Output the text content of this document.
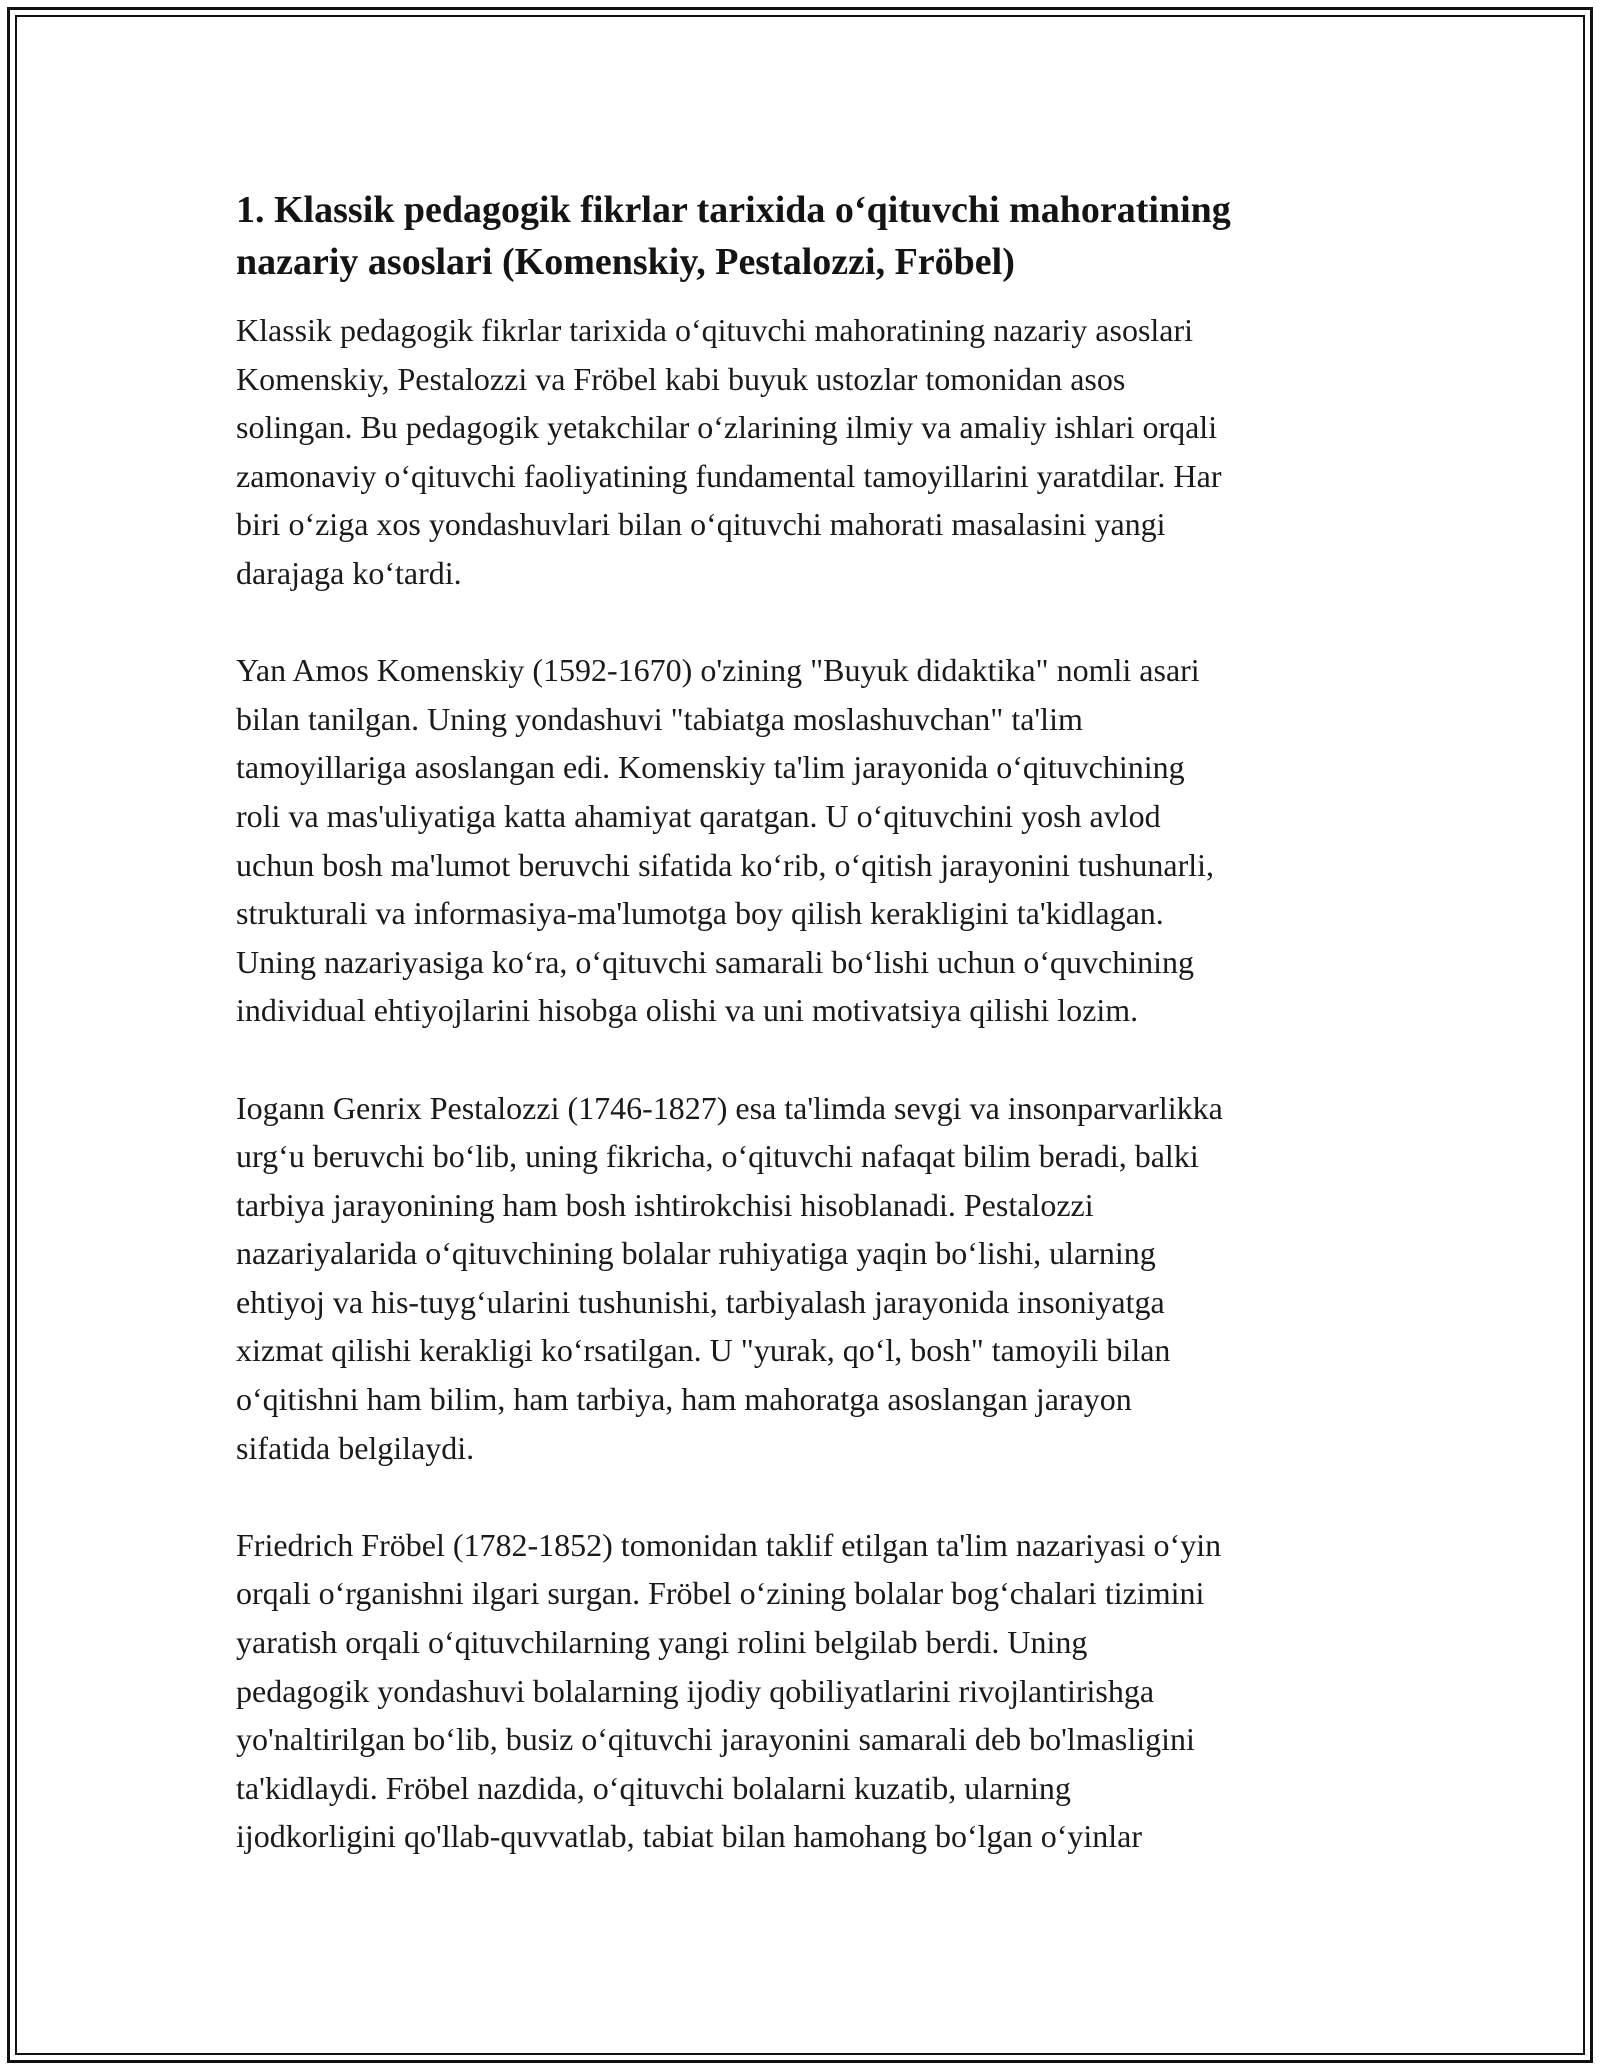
1. Klassik pedagogik fikrlar tarixida oʻqituvchi mahoratining
nazariy asoslari (Komenskiy, Pestalozzi, Fröbel)

Klassik pedagogik fikrlar tarixida oʻqituvchi mahoratining nazariy asoslari
Komenskiy, Pestalozzi va Fröbel kabi buyuk ustozlar tomonidan asos
solingan. Bu pedagogik yetakchilar oʻzlarining ilmiy va amaliy ishlari orqali
zamonaviy oʻqituvchi faoliyatining fundamental tamoyillarini yaratdilar. Har
biri oʻziga xos yondashuvlari bilan oʻqituvchi mahorati masalasini yangi
darajaga koʻtardi.

Yan Amos Komenskiy (1592-1670) o'zining "Buyuk didaktika" nomli asari
bilan tanilgan. Uning yondashuvi "tabiatga moslashuvchan" ta'lim
tamoyillariga asoslangan edi. Komenskiy ta'lim jarayonida oʻqituvchining
roli va mas'uliyatiga katta ahamiyat qaratgan. U oʻqituvchini yosh avlod
uchun bosh ma'lumot beruvchi sifatida koʻrib, oʻqitish jarayonini tushunarli,
strukturali va informasiya-ma'lumotga boy qilish kerakligini ta'kidlagan.
Uning nazariyasiga koʻra, oʻqituvchi samarali boʻlishi uchun oʻquvchining
individual ehtiyojlarini hisobga olishi va uni motivatsiya qilishi lozim.

Iogann Genrix Pestalozzi (1746-1827) esa ta'limda sevgi va insonparvarlikka
urgʻu beruvchi boʻlib, uning fikricha, oʻqituvchi nafaqat bilim beradi, balki
tarbiya jarayonining ham bosh ishtirokchisi hisoblanadi. Pestalozzi
nazariyalarida oʻqituvchining bolalar ruhiyatiga yaqin boʻlishi, ularning
ehtiyoj va his-tuygʻularini tushunishi, tarbiyalash jarayonida insoniyatga
xizmat qilishi kerakligi koʻrsatilgan. U "yurak, qoʻl, bosh" tamoyili bilan
oʻqitishni ham bilim, ham tarbiya, ham mahoratga asoslangan jarayon
sifatida belgilaydi.

Friedrich Fröbel (1782-1852) tomonidan taklif etilgan ta'lim nazariyasi oʻyin
orqali oʻrganishni ilgari surgan. Fröbel oʻzining bolalar bogʻchalari tizimini
yaratish orqali oʻqituvchilarning yangi rolini belgilab berdi. Uning
pedagogik yondashuvi bolalarning ijodiy qobiliyatlarini rivojlantirishga
yo'naltirilgan boʻlib, busiz oʻqituvchi jarayonini samarali deb bo'lmasligini
ta'kidlaydi. Fröbel nazdida, oʻqituvchi bolalarni kuzatib, ularning
ijodkorligini qo'llab-quvvatlab, tabiat bilan hamohang boʻlgan oʻyinlar
